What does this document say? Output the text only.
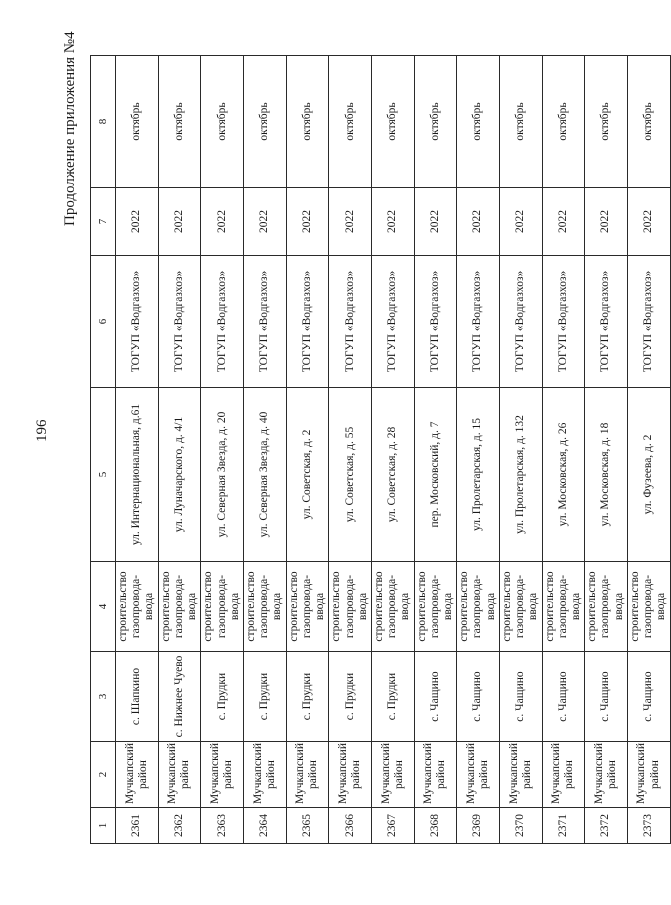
196
Продолжение приложения №4
1	2	3	4	5	6	7	8
2361	Мучкапский район	с. Шапкино	строительство газопровода-ввода	ул. Интернациональная, д.61	ТОГУП «Водгазхоз»	2022	октябрь
2362	Мучкапский район	с. Нижнее Чуево	строительство газопровода-ввода	ул. Луначарского, д. 4/1	ТОГУП «Водгазхоз»	2022	октябрь
2363	Мучкапский район	с. Прудки	строительство газопровода-ввода	ул. Северная Звезда, д. 20	ТОГУП «Водгазхоз»	2022	октябрь
2364	Мучкапский район	с. Прудки	строительство газопровода-ввода	ул. Северная Звезда, д. 40	ТОГУП «Водгазхоз»	2022	октябрь
2365	Мучкапский район	с. Прудки	строительство газопровода-ввода	ул. Советская, д. 2	ТОГУП «Водгазхоз»	2022	октябрь
2366	Мучкапский район	с. Прудки	строительство газопровода-ввода	ул. Советская, д. 55	ТОГУП «Водгазхоз»	2022	октябрь
2367	Мучкапский район	с. Прудки	строительство газопровода-ввода	ул. Советская, д. 28	ТОГУП «Водгазхоз»	2022	октябрь
2368	Мучкапский район	с. Чащино	строительство газопровода-ввода	пер. Московский, д. 7	ТОГУП «Водгазхоз»	2022	октябрь
2369	Мучкапский район	с. Чащино	строительство газопровода-ввода	ул. Пролетарская, д. 15	ТОГУП «Водгазхоз»	2022	октябрь
2370	Мучкапский район	с. Чащино	строительство газопровода-ввода	ул. Пролетарская, д. 132	ТОГУП «Водгазхоз»	2022	октябрь
2371	Мучкапский район	с. Чащино	строительство газопровода-ввода	ул. Московская, д. 26	ТОГУП «Водгазхоз»	2022	октябрь
2372	Мучкапский район	с. Чащино	строительство газопровода-ввода	ул. Московская, д. 18	ТОГУП «Водгазхоз»	2022	октябрь
2373	Мучкапский район	с. Чащино	строительство газопровода-ввода	ул. Фузеева, д. 2	ТОГУП «Водгазхоз»	2022	октябрь
